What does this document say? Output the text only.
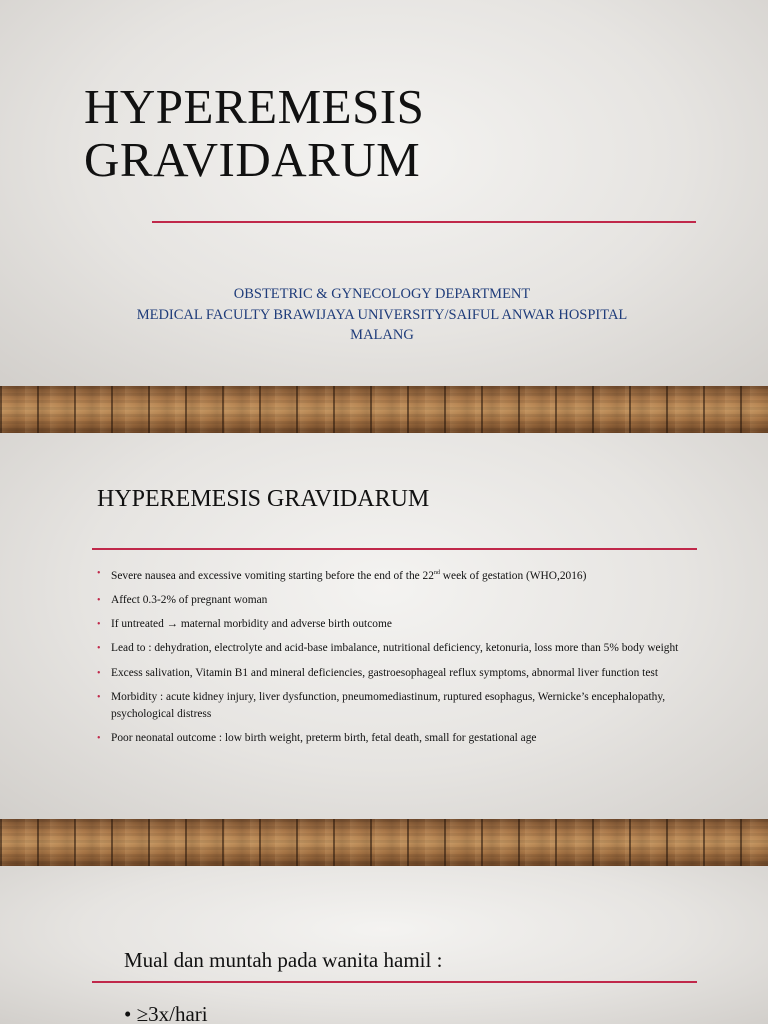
HYPEREMESIS
GRAVIDARUM
OBSTETRIC & GYNECOLOGY DEPARTMENT
MEDICAL FACULTY BRAWIJAYA UNIVERSITY/SAIFUL ANWAR HOSPITAL
MALANG
HYPEREMESIS GRAVIDARUM
• Severe nausea and excessive vomiting starting before the end of the 22nd week of gestation (WHO,2016)
• Affect 0.3-2% of pregnant woman
• If untreated → maternal morbidity and adverse birth outcome
• Lead to : dehydration, electrolyte and acid-base imbalance, nutritional deficiency, ketonuria, loss more than 5% body weight
• Excess salivation, Vitamin B1 and mineral deficiencies, gastroesophageal reflux symptoms, abnormal liver function test
• Morbidity : acute kidney injury, liver dysfunction, pneumomediastinum, ruptured esophagus, Wernicke’s encephalopathy, psychological distress
• Poor neonatal outcome : low birth weight, preterm birth, fetal death, small for gestational age
Mual dan muntah pada wanita hamil :
• ≥3x/hari
